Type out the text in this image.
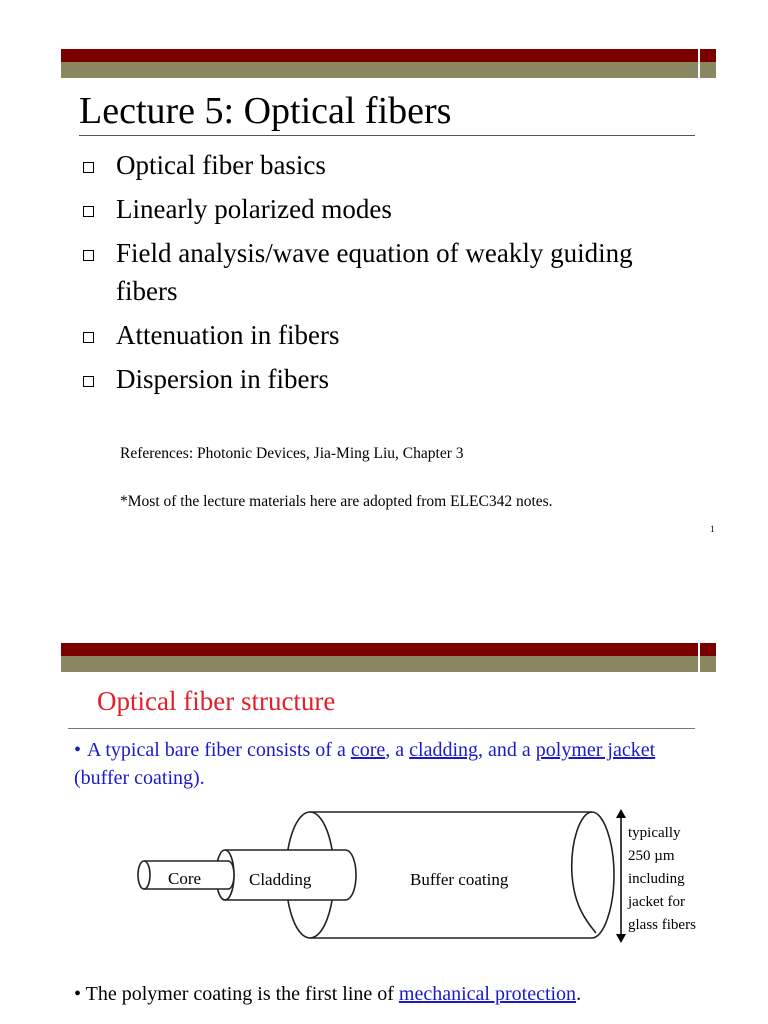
Lecture 5: Optical fibers
Optical fiber basics
Linearly polarized modes
Field analysis/wave equation of weakly guiding fibers
Attenuation in fibers
Dispersion in fibers
References: Photonic Devices, Jia-Ming Liu, Chapter 3
*Most of the lecture materials here are adopted from ELEC342 notes.
1
Optical fiber structure
• A typical bare fiber consists of a core, a cladding, and a polymer jacket (buffer coating).
Core	Cladding	Buffer coating
typically
250 µm
including
jacket for
glass fibers
• The polymer coating is the first line of mechanical protection.
